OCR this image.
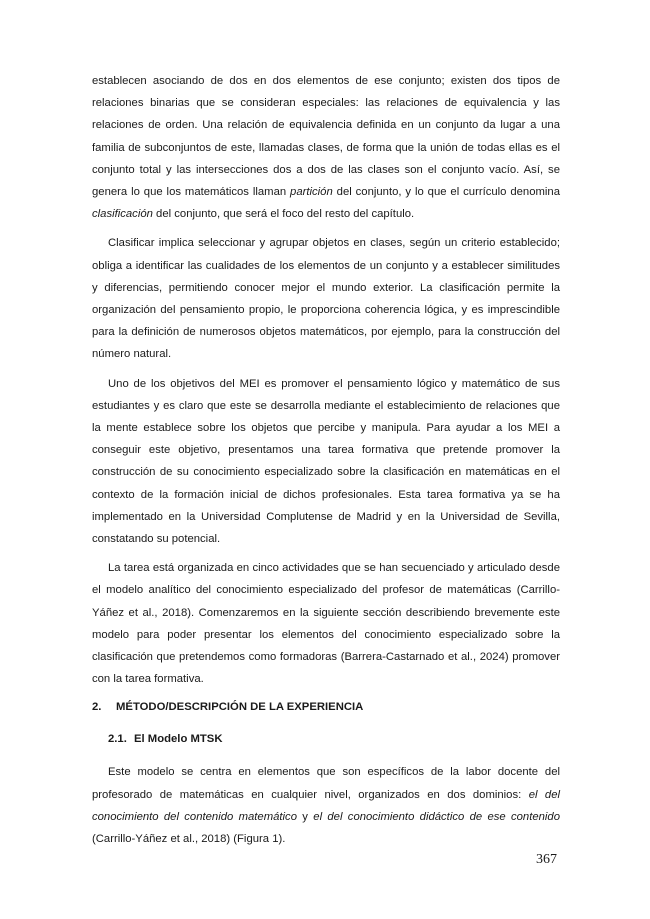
establecen asociando de dos en dos elementos de ese conjunto; existen dos tipos de relaciones binarias que se consideran especiales: las relaciones de equivalencia y las relaciones de orden. Una relación de equivalencia definida en un conjunto da lugar a una familia de subconjuntos de este, llamadas clases, de forma que la unión de todas ellas es el conjunto total y las intersecciones dos a dos de las clases son el conjunto vacío. Así, se genera lo que los matemáticos llaman partición del conjunto, y lo que el currículo denomina clasificación del conjunto, que será el foco del resto del capítulo.

Clasificar implica seleccionar y agrupar objetos en clases, según un criterio establecido; obliga a identificar las cualidades de los elementos de un conjunto y a establecer similitudes y diferencias, permitiendo conocer mejor el mundo exterior. La clasificación permite la organización del pensamiento propio, le proporciona coherencia lógica, y es imprescindible para la definición de numerosos objetos matemáticos, por ejemplo, para la construcción del número natural.

Uno de los objetivos del MEI es promover el pensamiento lógico y matemático de sus estudiantes y es claro que este se desarrolla mediante el establecimiento de relaciones que la mente establece sobre los objetos que percibe y manipula. Para ayudar a los MEI a conseguir este objetivo, presentamos una tarea formativa que pretende promover la construcción de su conocimiento especializado sobre la clasificación en matemáticas en el contexto de la formación inicial de dichos profesionales. Esta tarea formativa ya se ha implementado en la Universidad Complutense de Madrid y en la Universidad de Sevilla, constatando su potencial.

La tarea está organizada en cinco actividades que se han secuenciado y articulado desde el modelo analítico del conocimiento especializado del profesor de matemáticas (Carrillo-Yáñez et al., 2018). Comenzaremos en la siguiente sección describiendo brevemente este modelo para poder presentar los elementos del conocimiento especializado sobre la clasificación que pretendemos como formadoras (Barrera-Castarnado et al., 2024) promover con la tarea formativa.

2.	MÉTODO/DESCRIPCIÓN DE LA EXPERIENCIA
2.1. El Modelo MTSK

Este modelo se centra en elementos que son específicos de la labor docente del profesorado de matemáticas en cualquier nivel, organizados en dos dominios: el del conocimiento del contenido matemático y el del conocimiento didáctico de ese contenido (Carrillo-Yáñez et al., 2018) (Figura 1).

367
